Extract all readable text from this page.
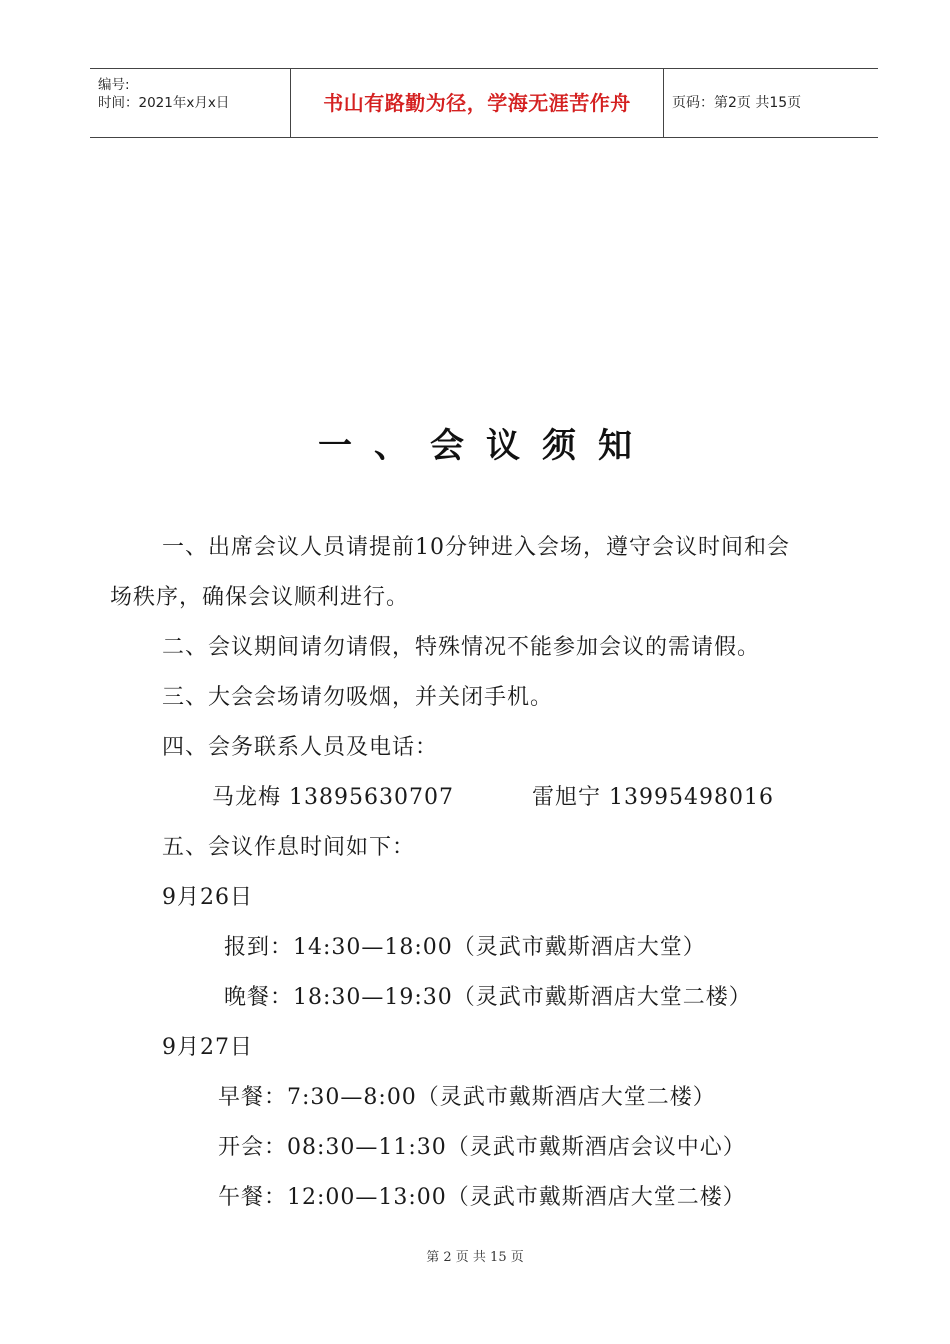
编号:
时间：2021年x月x日	书山有路勤为径，学海无涯苦作舟	页码：第2页 共15页
一、会议须知
一、出席会议人员请提前10分钟进入会场，遵守会议时间和会
场秩序，确保会议顺利进行。
二、会议期间请勿请假，特殊情况不能参加会议的需请假。
三、大会会场请勿吸烟，并关闭手机。
四、会务联系人员及电话：
马龙梅 13895630707	雷旭宁 13995498016
五、会议作息时间如下：
9月26日
报到：14:30—18:00（灵武市戴斯酒店大堂）
晚餐：18:30—19:30（灵武市戴斯酒店大堂二楼）
9月27日
早餐：7:30—8:00（灵武市戴斯酒店大堂二楼）
开会：08:30—11:30（灵武市戴斯酒店会议中心）
午餐：12:00—13:00（灵武市戴斯酒店大堂二楼）
第 2 页 共 15 页
